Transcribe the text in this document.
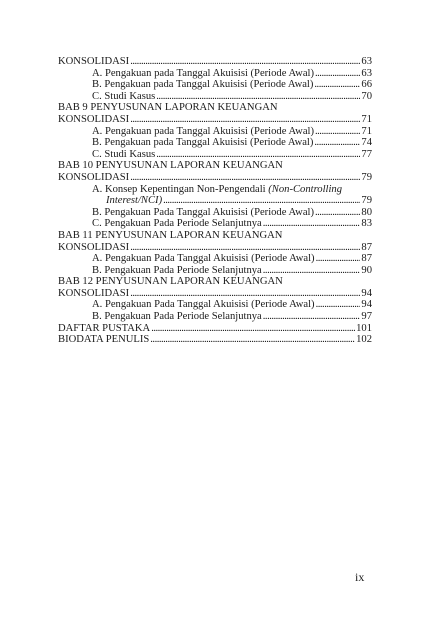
KONSOLIDASI .....	63
A. Pengakuan pada Tanggal Akuisisi (Periode Awal) .....	63
B. Pengakuan pada Tanggal Akuisisi (Periode Awal) .....	66
C. Studi Kasus .....	70
BAB 9 PENYUSUNAN LAPORAN KEUANGAN
KONSOLIDASI .....	71
A. Pengakuan pada Tanggal Akuisisi (Periode Awal) .....	71
B. Pengakuan pada Tanggal Akuisisi (Periode Awal) .....	74
C. Studi Kasus .....	77
BAB 10 PENYUSUNAN LAPORAN KEUANGAN
KONSOLIDASI .....	79
A. Konsep Kepentingan Non-Pengendali (Non-Controlling
Interest/NCI) .....	79
B. Pengakuan Pada Tanggal Akuisisi (Periode Awal) .....	80
C. Pengakuan Pada Periode Selanjutnya .....	83
BAB 11 PENYUSUNAN LAPORAN KEUANGAN
KONSOLIDASI .....	87
A. Pengakuan Pada Tanggal Akuisisi (Periode Awal) .....	87
B. Pengakuan Pada Periode Selanjutnya .....	90
BAB 12 PENYUSUNAN LAPORAN KEUANGAN
KONSOLIDASI .....	94
A. Pengakuan Pada Tanggal Akuisisi (Periode Awal) .....	94
B. Pengakuan Pada Periode Selanjutnya .....	97
DAFTAR PUSTAKA .....	101
BIODATA PENULIS .....	102
ix
